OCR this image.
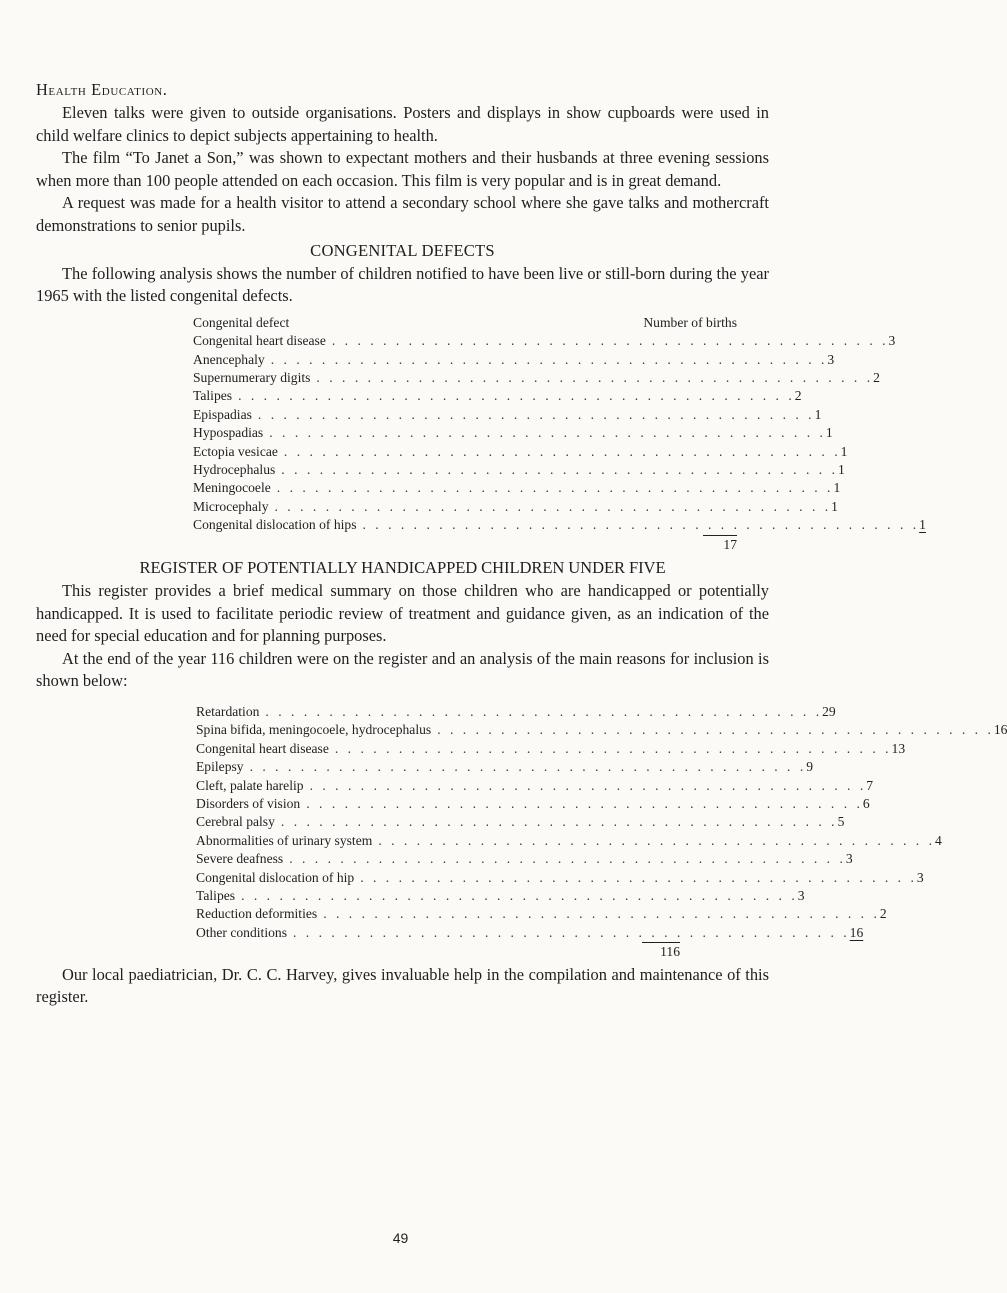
Health Education.

Eleven talks were given to outside organisations. Posters and displays in show cupboards were used in child welfare clinics to depict subjects appertaining to health.

The film “To Janet a Son,” was shown to expectant mothers and their husbands at three evening sessions when more than 100 people attended on each occasion. This film is very popular and is in great demand.

A request was made for a health visitor to attend a secondary school where she gave talks and mothercraft demonstrations to senior pupils.

CONGENITAL DEFECTS

The following analysis shows the number of children notified to have been live or still-born during the year 1965 with the listed congenital defects.

Congenital defect	Number of births
Congenital heart disease . . . . . . . . . . . . . . . . . . . . . . . . . . . . . . . . . . . . . . . . . . . . 3
Anencephaly . . . . . . . . . . . . . . . . . . . . . . . . . . . . . . . . . . . . . . . . . . . . 3
Supernumerary digits . . . . . . . . . . . . . . . . . . . . . . . . . . . . . . . . . . . . . . . . . . . . 2
Talipes . . . . . . . . . . . . . . . . . . . . . . . . . . . . . . . . . . . . . . . . . . . . 2
Epispadias . . . . . . . . . . . . . . . . . . . . . . . . . . . . . . . . . . . . . . . . . . . . 1
Hypospadias . . . . . . . . . . . . . . . . . . . . . . . . . . . . . . . . . . . . . . . . . . . . 1
Ectopia vesicae . . . . . . . . . . . . . . . . . . . . . . . . . . . . . . . . . . . . . . . . . . . . 1
Hydrocephalus . . . . . . . . . . . . . . . . . . . . . . . . . . . . . . . . . . . . . . . . . . . . 1
Meningocoele . . . . . . . . . . . . . . . . . . . . . . . . . . . . . . . . . . . . . . . . . . . . 1
Microcephaly . . . . . . . . . . . . . . . . . . . . . . . . . . . . . . . . . . . . . . . . . . . . 1
Congenital dislocation of hips . . . . . . . . . . . . . . . . . . . . . . . . . . . . . . . . . . . . . . . . . . . . 1
17
REGISTER OF POTENTIALLY HANDICAPPED CHILDREN UNDER FIVE

This register provides a brief medical summary on those children who are handicapped or potentially handicapped. It is used to facilitate periodic review of treatment and guidance given, as an indication of the need for special education and for planning purposes.

At the end of the year 116 children were on the register and an analysis of the main reasons for inclusion is shown below:

Retardation . . . . . . . . . . . . . . . . . . . . . . . . . . . . . . . . . . . . . . . . . . . . 29
Spina bifida, meningocoele, hydrocephalus . . . . . . . . . . . . . . . . . . . . . . . . . . . . . . . . . . . . . . . . . . . . 16
Congenital heart disease . . . . . . . . . . . . . . . . . . . . . . . . . . . . . . . . . . . . . . . . . . . . 13
Epilepsy . . . . . . . . . . . . . . . . . . . . . . . . . . . . . . . . . . . . . . . . . . . . 9
Cleft, palate harelip . . . . . . . . . . . . . . . . . . . . . . . . . . . . . . . . . . . . . . . . . . . . 7
Disorders of vision . . . . . . . . . . . . . . . . . . . . . . . . . . . . . . . . . . . . . . . . . . . . 6
Cerebral palsy . . . . . . . . . . . . . . . . . . . . . . . . . . . . . . . . . . . . . . . . . . . . 5
Abnormalities of urinary system . . . . . . . . . . . . . . . . . . . . . . . . . . . . . . . . . . . . . . . . . . . . 4
Severe deafness . . . . . . . . . . . . . . . . . . . . . . . . . . . . . . . . . . . . . . . . . . . . 3
Congenital dislocation of hip . . . . . . . . . . . . . . . . . . . . . . . . . . . . . . . . . . . . . . . . . . . . 3
Talipes . . . . . . . . . . . . . . . . . . . . . . . . . . . . . . . . . . . . . . . . . . . . 3
Reduction deformities . . . . . . . . . . . . . . . . . . . . . . . . . . . . . . . . . . . . . . . . . . . . 2
Other conditions . . . . . . . . . . . . . . . . . . . . . . . . . . . . . . . . . . . . . . . . . . . . 16
116

Our local paediatrician, Dr. C. C. Harvey, gives invaluable help in the compilation and maintenance of this register.

49
